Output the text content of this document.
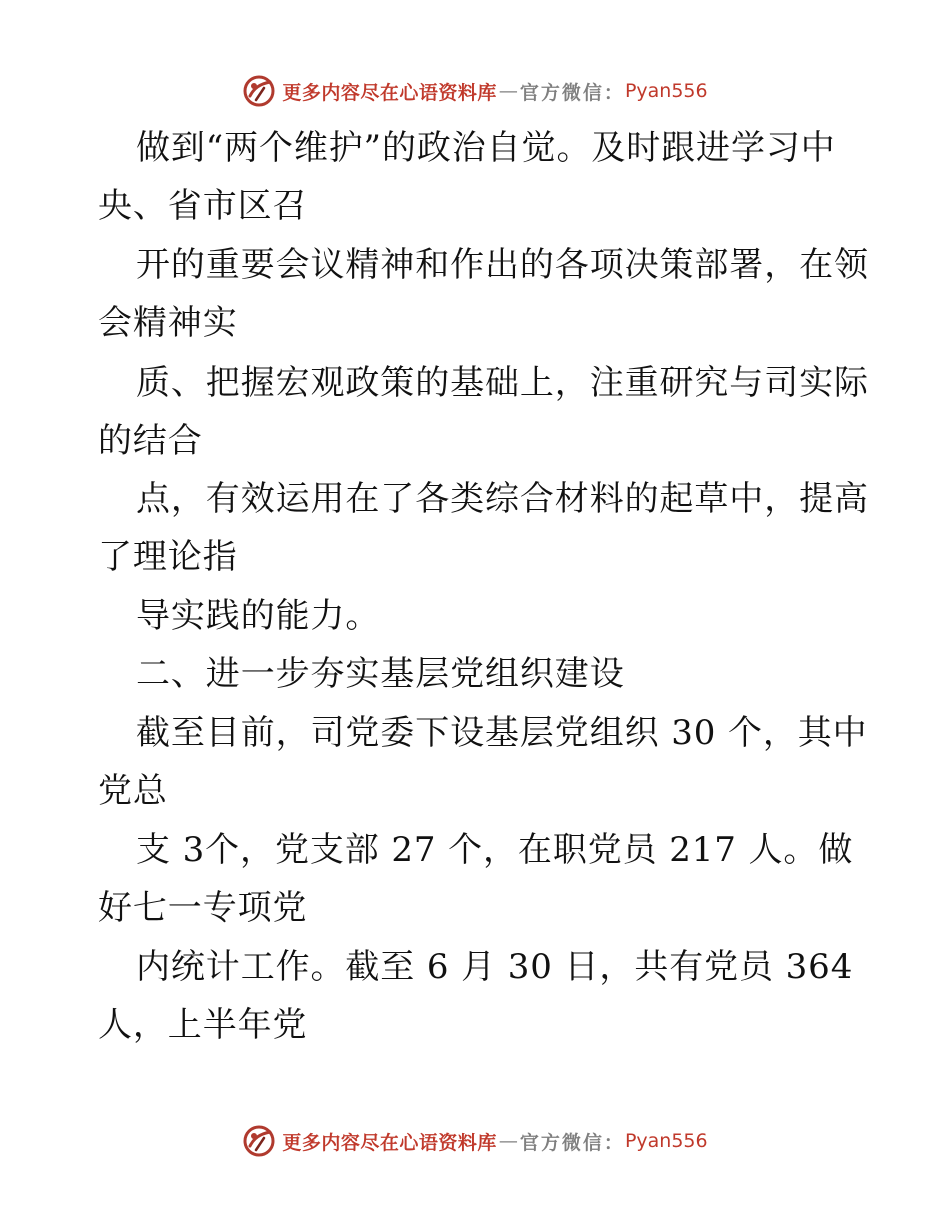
更多内容尽在心语资料库 — 官方微信： Pyan556
做到“两个维护”的政治自觉。及时跟进学习中
央、省市区召
开的重要会议精神和作出的各项决策部署，在领
会精神实
质、把握宏观政策的基础上，注重研究与司实际
的结合
点，有效运用在了各类综合材料的起草中，提高
了理论指
导实践的能力。
二、进一步夯实基层党组织建设
截至目前，司党委下设基层党组织 30 个，其中
党总
支 3个，党支部 27 个，在职党员 217 人。做
好七一专项党
内统计工作。截至 6 月 30 日，共有党员 364
人，上半年党
更多内容尽在心语资料库 — 官方微信： Pyan556
